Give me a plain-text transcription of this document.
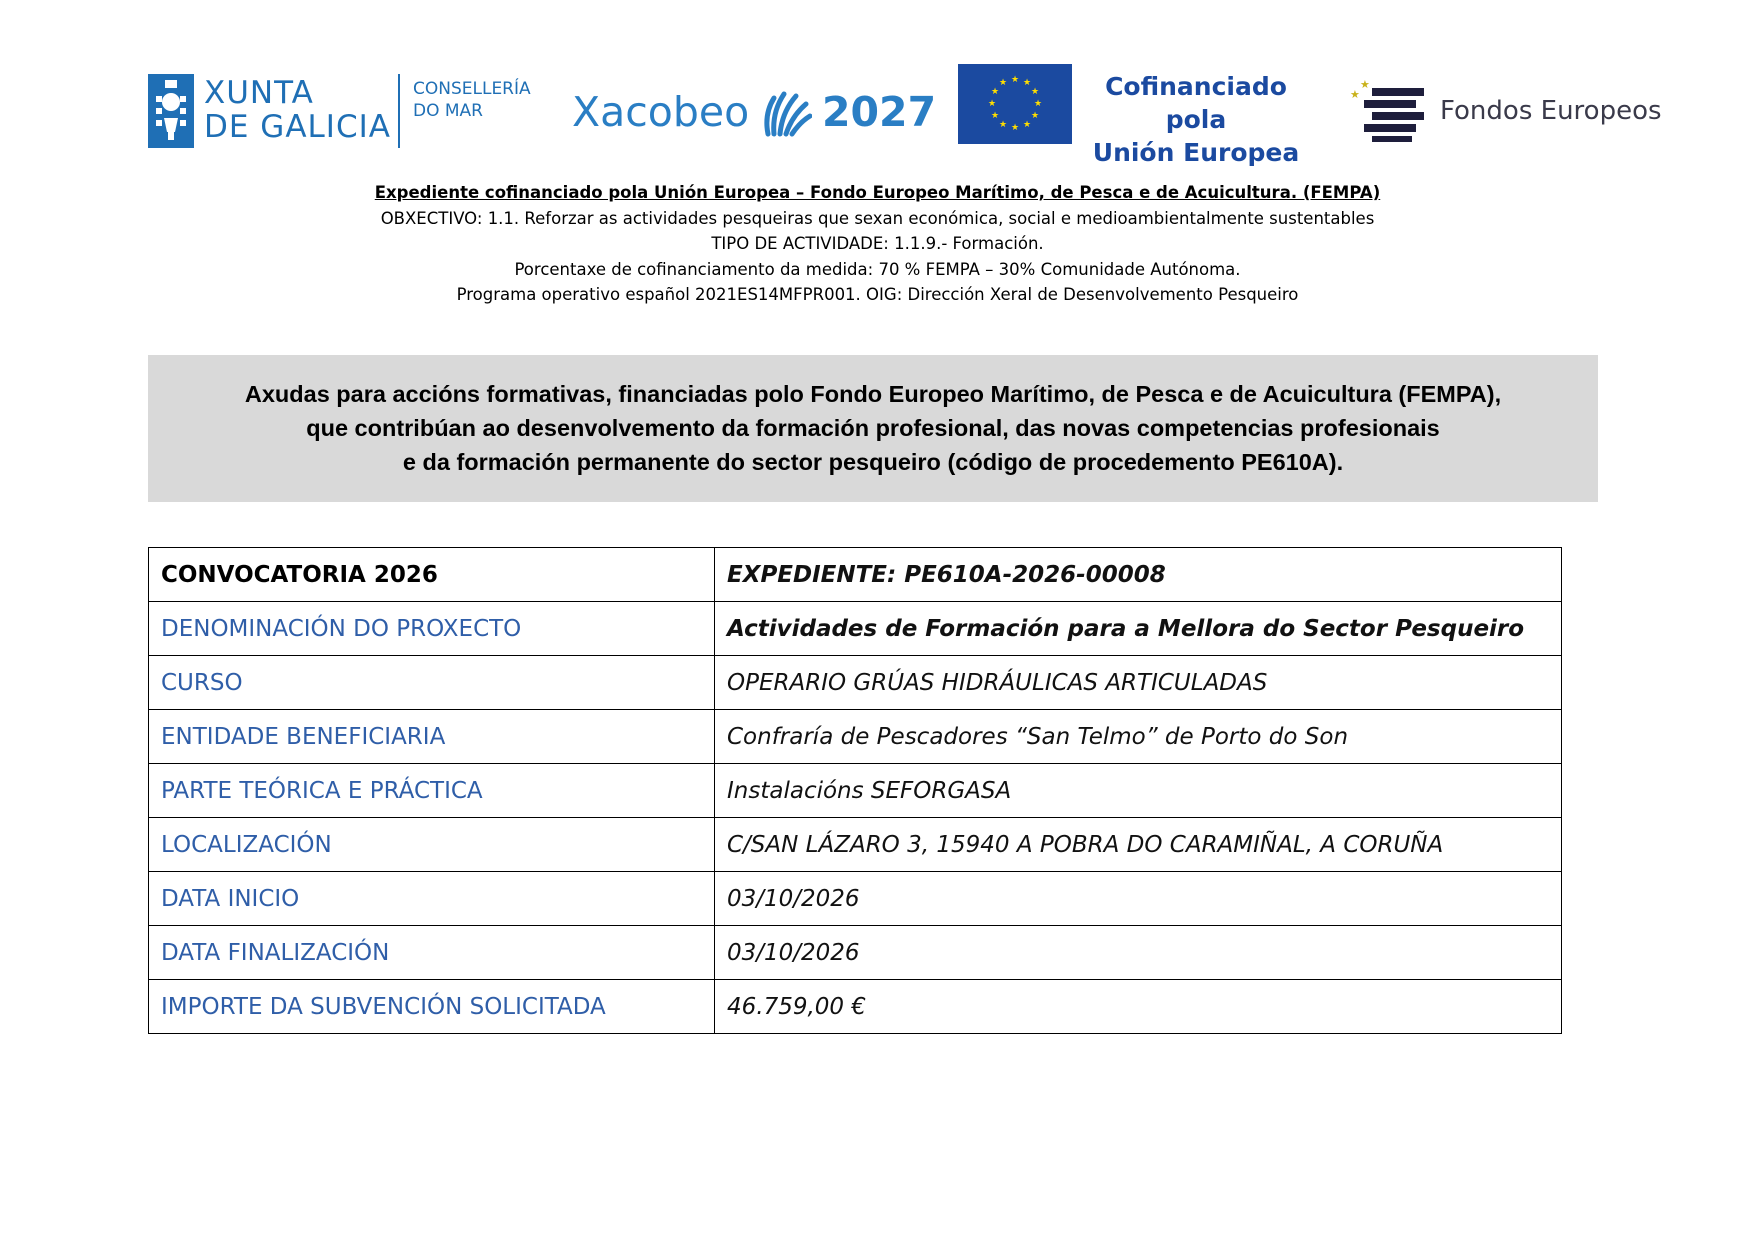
XUNTA
DE GALICIA
CONSELLERÍA
DO MAR	Xacobeo 2027
★ ★
★
★
★
★
★
★
★
★
★
★	Cofinanciado pola
Unión Europea
★
★
Fondos Europeos
Expediente cofinanciado pola Unión Europea – Fondo Europeo Marítimo, de Pesca e de Acuicultura. (FEMPA)
OBXECTIVO: 1.1. Reforzar as actividades pesqueiras que sexan económica, social e medioambientalmente sustentables
TIPO DE ACTIVIDADE: 1.1.9.- Formación.
Porcentaxe de cofinanciamento da medida: 70 % FEMPA – 30% Comunidade Autónoma.
Programa operativo español 2021ES14MFPR001. OIG: Dirección Xeral de Desenvolvemento Pesqueiro
Axudas para accións formativas, financiadas polo Fondo Europeo Marítimo, de Pesca e de Acuicultura (FEMPA),
que contribúan ao desenvolvemento da formación profesional, das novas competencias profesionais
e da formación permanente do sector pesqueiro (código de procedemento PE610A).
CONVOCATORIA 2026	EXPEDIENTE: PE610A-2026-00008
DENOMINACIÓN DO PROXECTO	Actividades de Formación para a Mellora do Sector Pesqueiro
CURSO	OPERARIO GRÚAS HIDRÁULICAS ARTICULADAS
ENTIDADE BENEFICIARIA	Confraría de Pescadores “San Telmo” de Porto do Son
PARTE TEÓRICA E PRÁCTICA	Instalacións SEFORGASA
LOCALIZACIÓN	C/SAN LÁZARO 3, 15940 A POBRA DO CARAMIÑAL, A CORUÑA
DATA INICIO	03/10/2026
DATA FINALIZACIÓN	03/10/2026
IMPORTE DA SUBVENCIÓN SOLICITADA	46.759,00 €
